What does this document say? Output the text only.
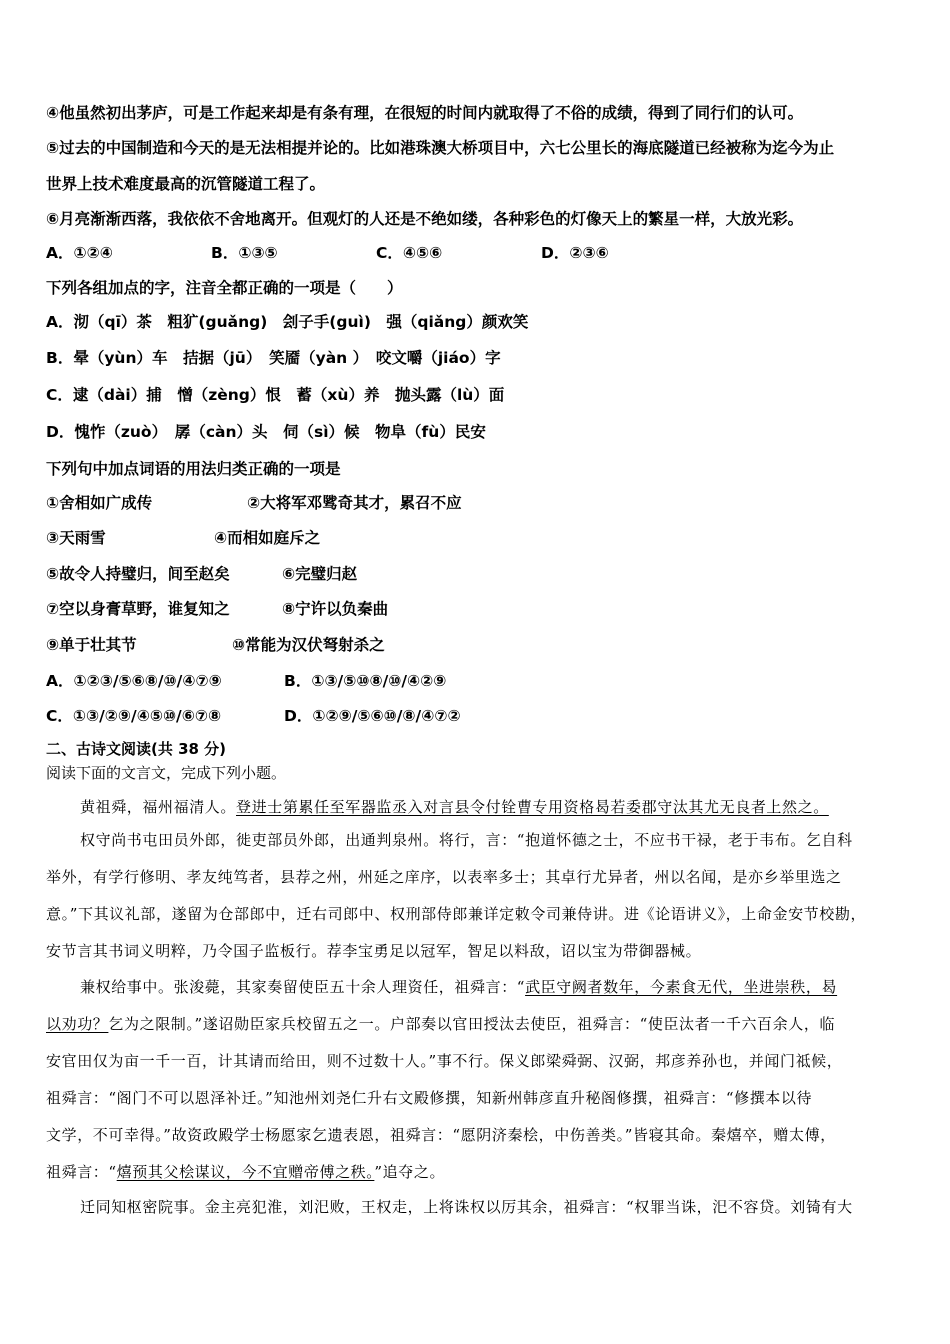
④他虽然初出茅庐，可是工作起来却是有条有理，在很短的时间内就取得了不俗的成绩，得到了同行们的认可。
⑤过去的中国制造和今天的是无法相提并论的。比如港珠澳大桥项目中，六七公里长的海底隧道已经被称为迄今为止
世界上技术难度最高的沉管隧道工程了。
⑥月亮渐渐西落，我依依不舍地离开。但观灯的人还是不绝如缕，各种彩色的灯像天上的繁星一样，大放光彩。
A．①②④	B．①③⑤	C．④⑤⑥	D．②③⑥
下列各组加点的字，注音全都正确的一项是（　　）
A．沏（qī）茶　粗犷(guǎng)　刽子手(guì)　强（qiǎng）颜欢笑
B．晕（yùn）车　拮据（jū）　笑靥（yàn ）　咬文嚼（jiáo）字
C．逮（dài）捕　憎（zèng）恨　蓄（xù）养　抛头露（lù）面
D．愧怍（zuò）　孱（càn）头　伺（sì）候　物阜（fù）民安
下列句中加点词语的用法归类正确的一项是
①舍相如广成传	②大将军邓骘奇其才，累召不应
③天雨雪	④而相如庭斥之
⑤故令人持璧归，间至赵矣	⑥完璧归赵
⑦空以身膏草野，谁复知之	⑧宁许以负秦曲
⑨单于壮其节	⑩常能为汉伏弩射杀之
A．①②③/⑤⑥⑧/⑩/④⑦⑨	B．①③/⑤⑩⑧/⑩/④②⑨
C．①③/②⑨/④⑤⑩/⑥⑦⑧	D．①②⑨/⑤⑥⑩/⑧/④⑦②
二、古诗文阅读(共 38 分)
阅读下面的文言文，完成下列小题。
黄祖舜，福州福清人。登进士第累任至军器监丞入对言县令付铨曹专用资格曷若委郡守汰其尤无良者上然之。
权守尚书屯田员外郎，徙吏部员外郎，出通判泉州。将行，言：“抱道怀德之士，不应书干禄，老于韦布。乞自科
举外，有学行修明、孝友纯笃者，县荐之州，州延之庠序，以表率多士；其卓行尤异者，州以名闻，是亦乡举里选之
意。”下其议礼部，遂留为仓部郎中，迁右司郎中、权刑部侍郎兼详定敕令司兼侍讲。进《论语讲义》，上命金安节校勘，
安节言其书词义明粹，乃令国子监板行。荐李宝勇足以冠军，智足以料敌，诏以宝为带御器械。
兼权给事中。张浚薨，其家奏留使臣五十余人理资任，祖舜言：“武臣守阙者数年，今素食无代，坐进崇秩，曷
以劝功？乞为之限制。”遂诏勋臣家兵校留五之一。户部奏以官田授汰去使臣，祖舜言：“使臣汰者一千六百余人，临
安官田仅为亩一千一百，计其请而给田，则不过数十人。”事不行。保义郎梁舜弼、汉弼，邦彦养孙也，并闻门祗候，
祖舜言：“阁门不可以恩泽补迁。”知池州刘尧仁升右文殿修撰，知新州韩彦直升秘阁修撰，祖舜言：“修撰本以待
文学，不可幸得。”故资政殿学士杨愿家乞遗表恩，祖舜言：“愿阴济秦桧，中伤善类。”皆寝其命。秦熺卒，赠太傅，
祖舜言：“熺预其父桧谋议，今不宜赠帝傅之秩。”追夺之。
迁同知枢密院事。金主亮犯淮，刘汜败，王权走，上将诛权以厉其余，祖舜言：“权罪当诛，汜不容贷。刘锜有大
